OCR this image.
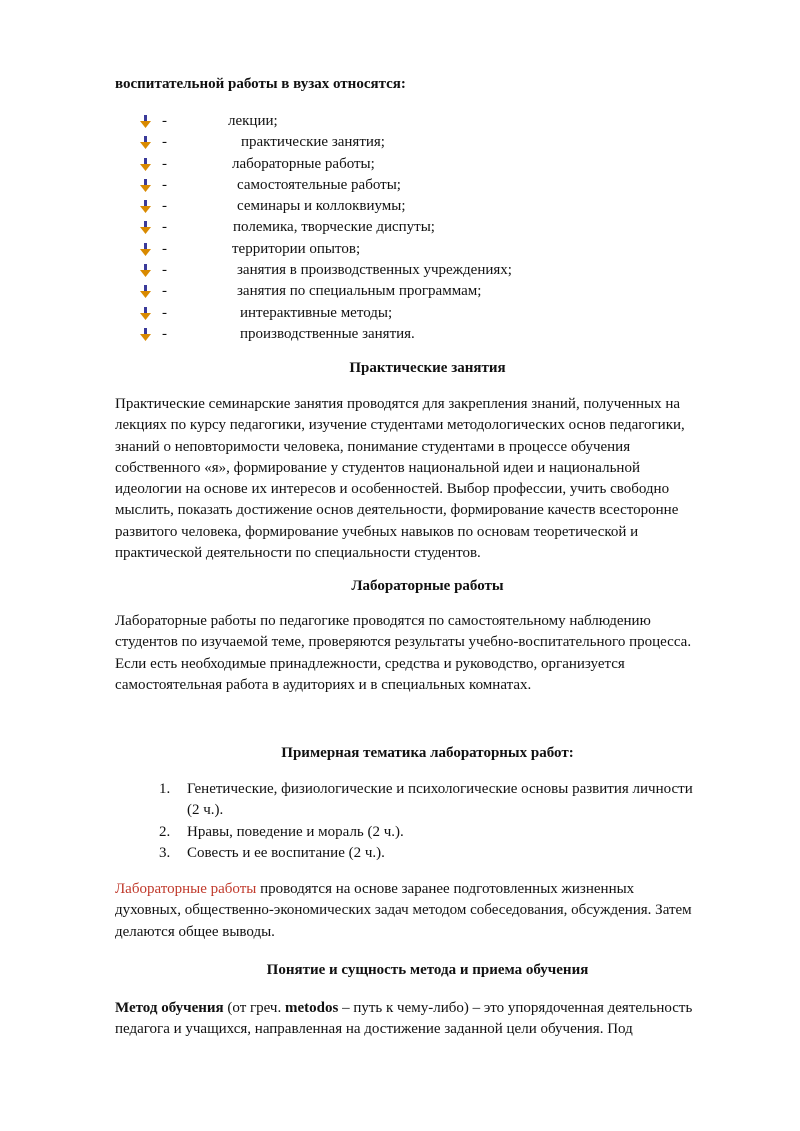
воспитательной работы в вузах относятся:
-	лекции;
-	практические занятия;
-	лабораторные работы;
-	самостоятельные работы;
-	семинары и коллоквиумы;
-	полемика, творческие диспуты;
-	территории опытов;
-	занятия в производственных учреждениях;
-	занятия по специальным программам;
-	интерактивные методы;
-	производственные занятия.
Практические занятия
Практические семинарские занятия проводятся для закрепления знаний, полученных на
лекциях по курсу педагогики, изучение студентами методологических основ педагогики,
знаний о неповторимости человека, понимание студентами в процессе обучения
собственного «я», формирование у студентов национальной идеи и национальной
идеологии на основе их интересов и особенностей. Выбор профессии, учить свободно
мыслить, показать достижение основ деятельности, формирование качеств всесторонне
развитого человека, формирование учебных навыков по основам теоретической и
практической деятельности по специальности студентов.
Лабораторные работы
Лабораторные работы по педагогике проводятся по самостоятельному наблюдению
студентов по изучаемой теме, проверяются результаты учебно-воспитательного процесса.
Если есть необходимые принадлежности, средства и руководство, организуется
самостоятельная работа в аудиториях и в специальных комнатах.
Примерная тематика лабораторных работ:
1. Генетические, физиологические и психологические основы развития личности
(2 ч.).
2. Нравы, поведение и мораль (2 ч.).
3. Совесть и ее воспитание (2 ч.).
Лабораторные работы проводятся на основе заранее подготовленных жизненных
духовных, общественно-экономических задач методом собеседования, обсуждения. Затем
делаются общее выводы.
Понятие и сущность метода и приема обучения
Метод обучения (от греч. metodos – путь к чему-либо) – это упорядоченная деятельность
педагога и учащихся, направленная на достижение заданной цели обучения. Под
